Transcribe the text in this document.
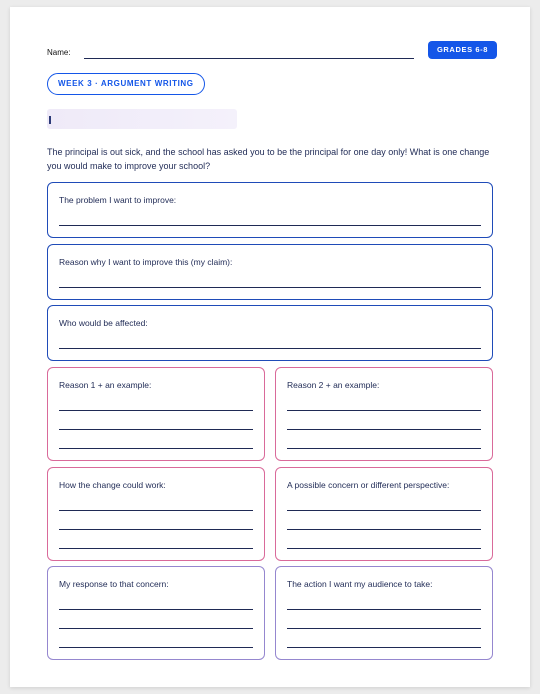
Name:	GRADES 6-8
WEEK 3 · ARGUMENT WRITING

The principal is out sick, and the school has asked you to be the principal for one day only! What is one change you would make to improve your school?

The problem I want to improve:
Reason why I want to improve this (my claim):
Who would be affected:
Reason 1 + an example:	Reason 2 + an example:
How the change could work:	A possible concern or different perspective:
My response to that concern:	The action I want my audience to take:
